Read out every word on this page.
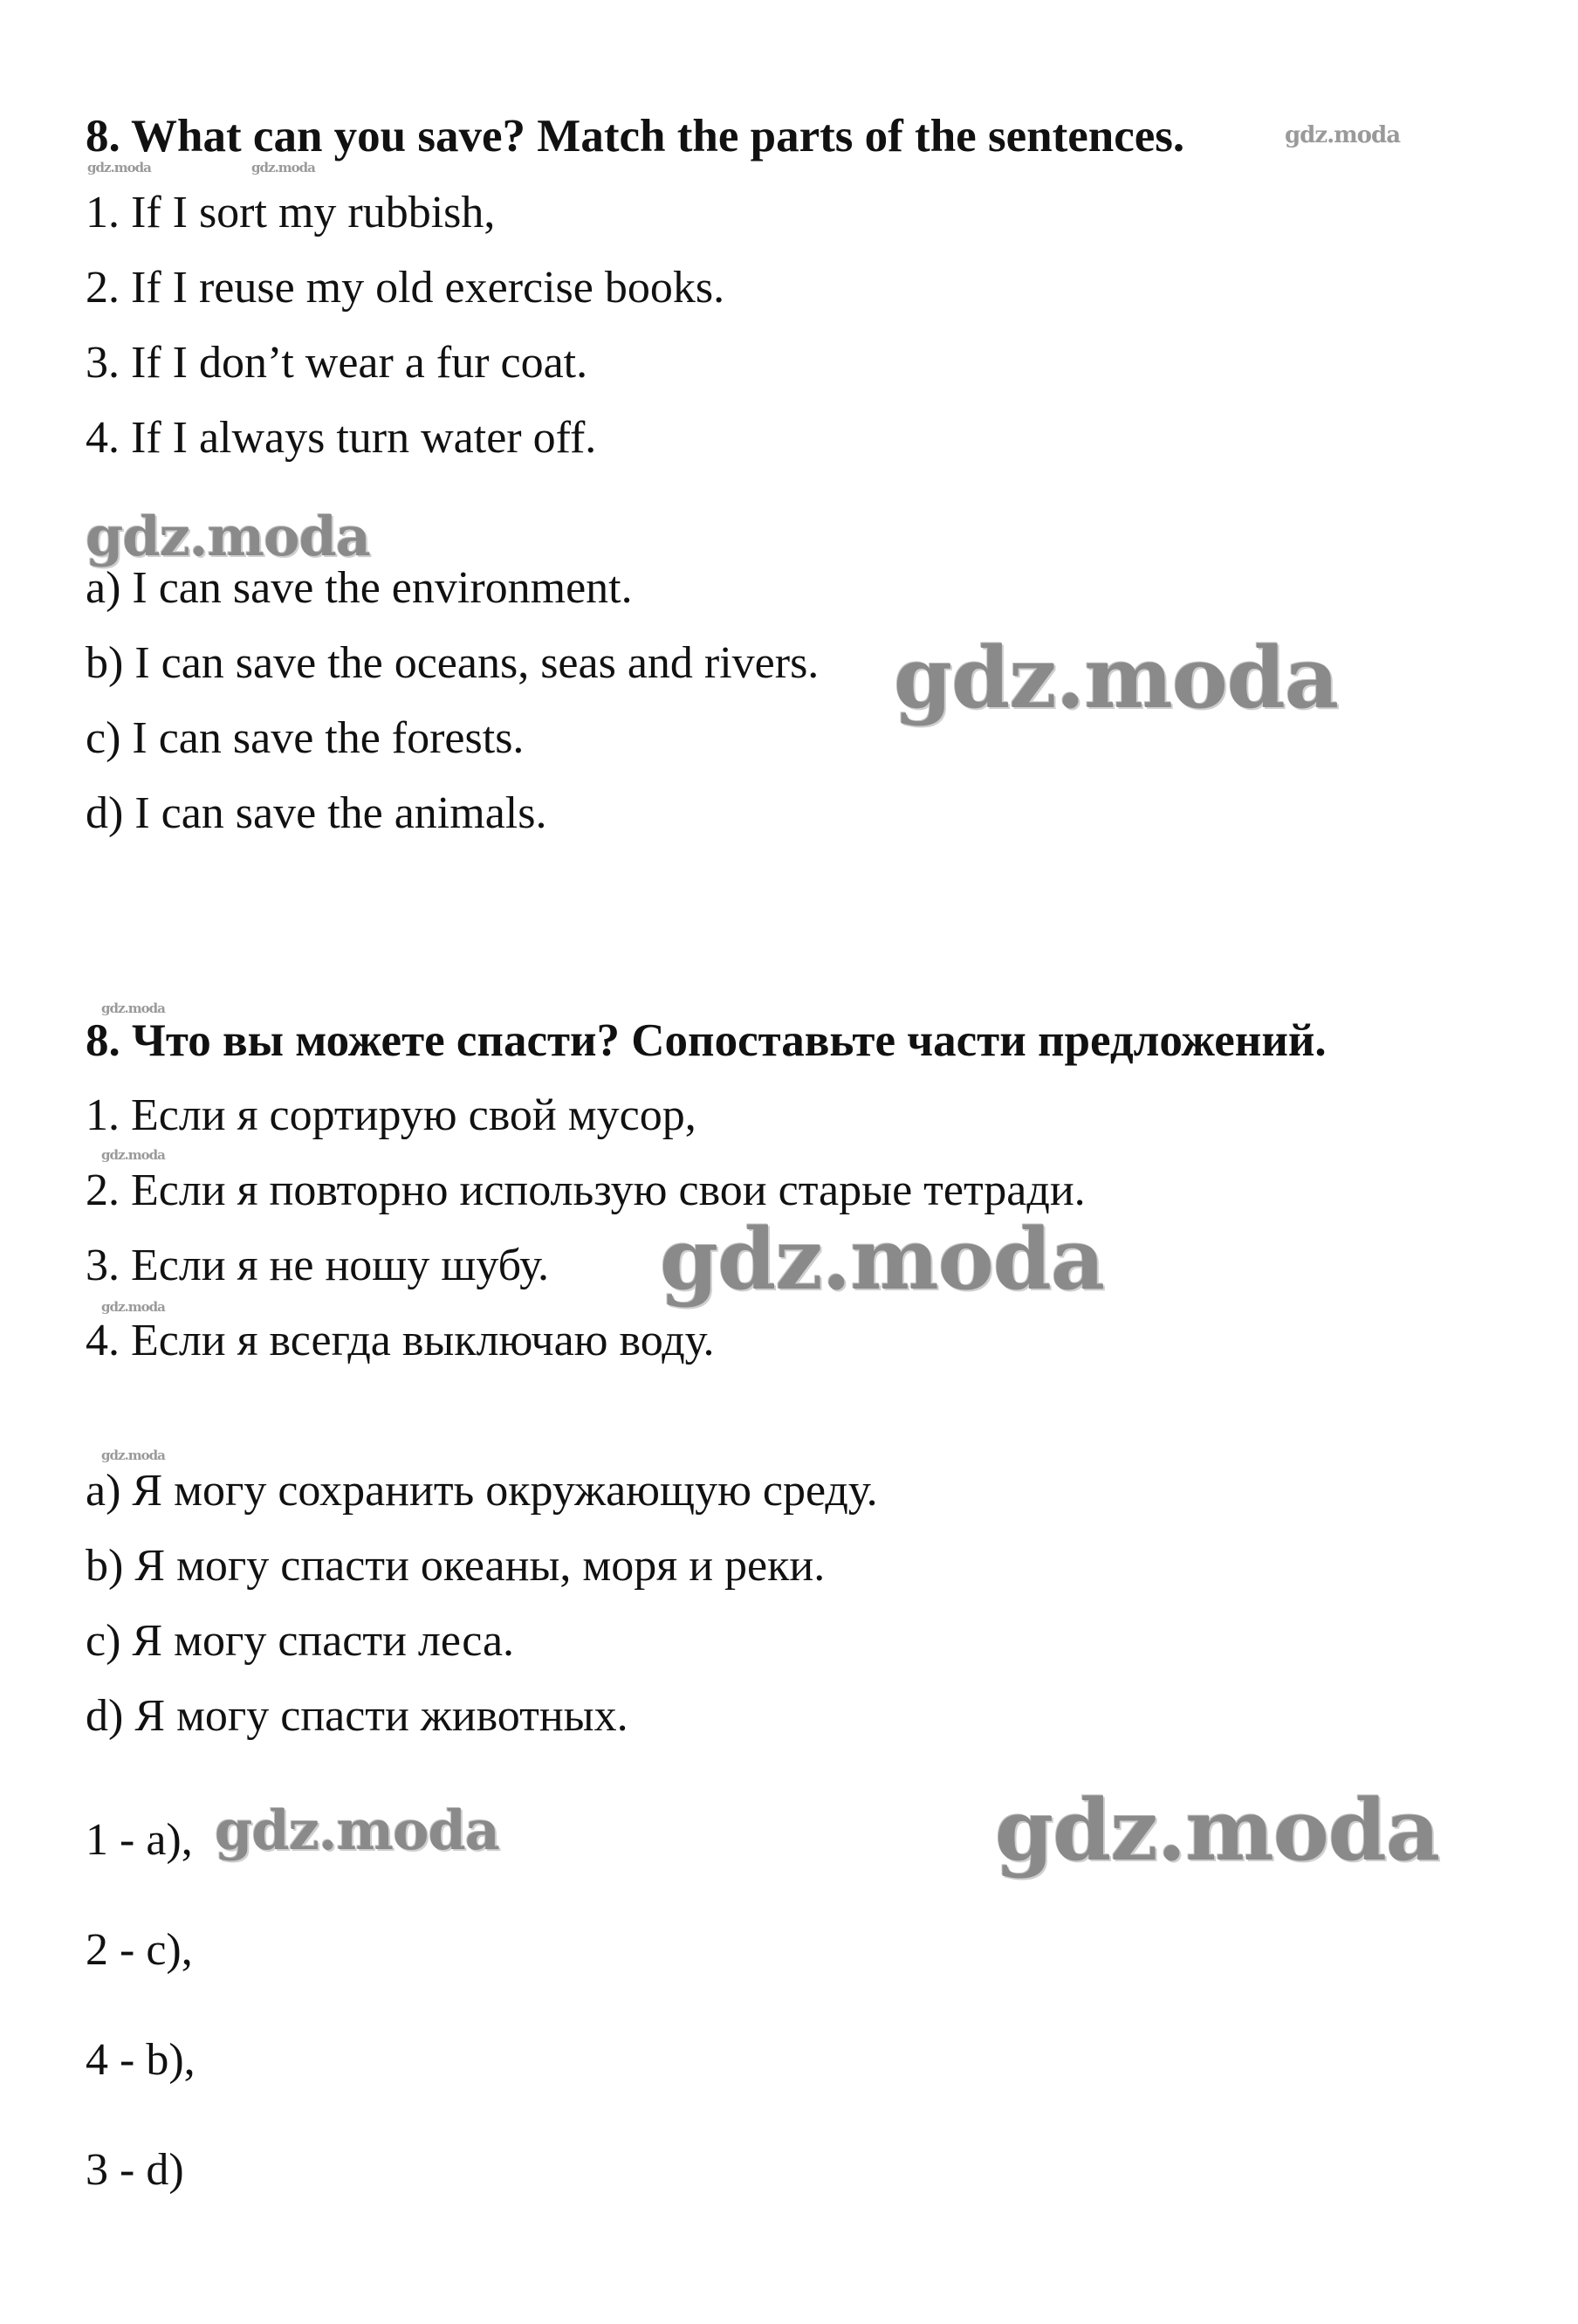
8. What can you save? Match the parts of the sentences.
1. If I sort my rubbish,
2. If I reuse my old exercise books.
3. If I don’t wear a fur coat.
4. If I always turn water off.
a) I can save the environment.
b) I can save the oceans, seas and rivers.
c) I can save the forests.
d) I can save the animals.
8. Что вы можете спасти? Сопоставьте части предложений.
1. Если я сортирую свой мусор,
2. Если я повторно использую свои старые тетради.
3. Если я не ношу шубу.
4. Если я всегда выключаю воду.
a) Я могу сохранить окружающую среду.
b) Я могу спасти океаны, моря и реки.
c) Я могу спасти леса.
d) Я могу спасти животных.
1 - a),
2 - c),
4 - b),
3 - d)
gdz.moda
gdz.moda	gdz.moda
gdz.moda
gdz.moda
gdz.moda
gdz.moda
gdz.moda
gdz.moda
gdz.moda
gdz.moda	gdz.moda
